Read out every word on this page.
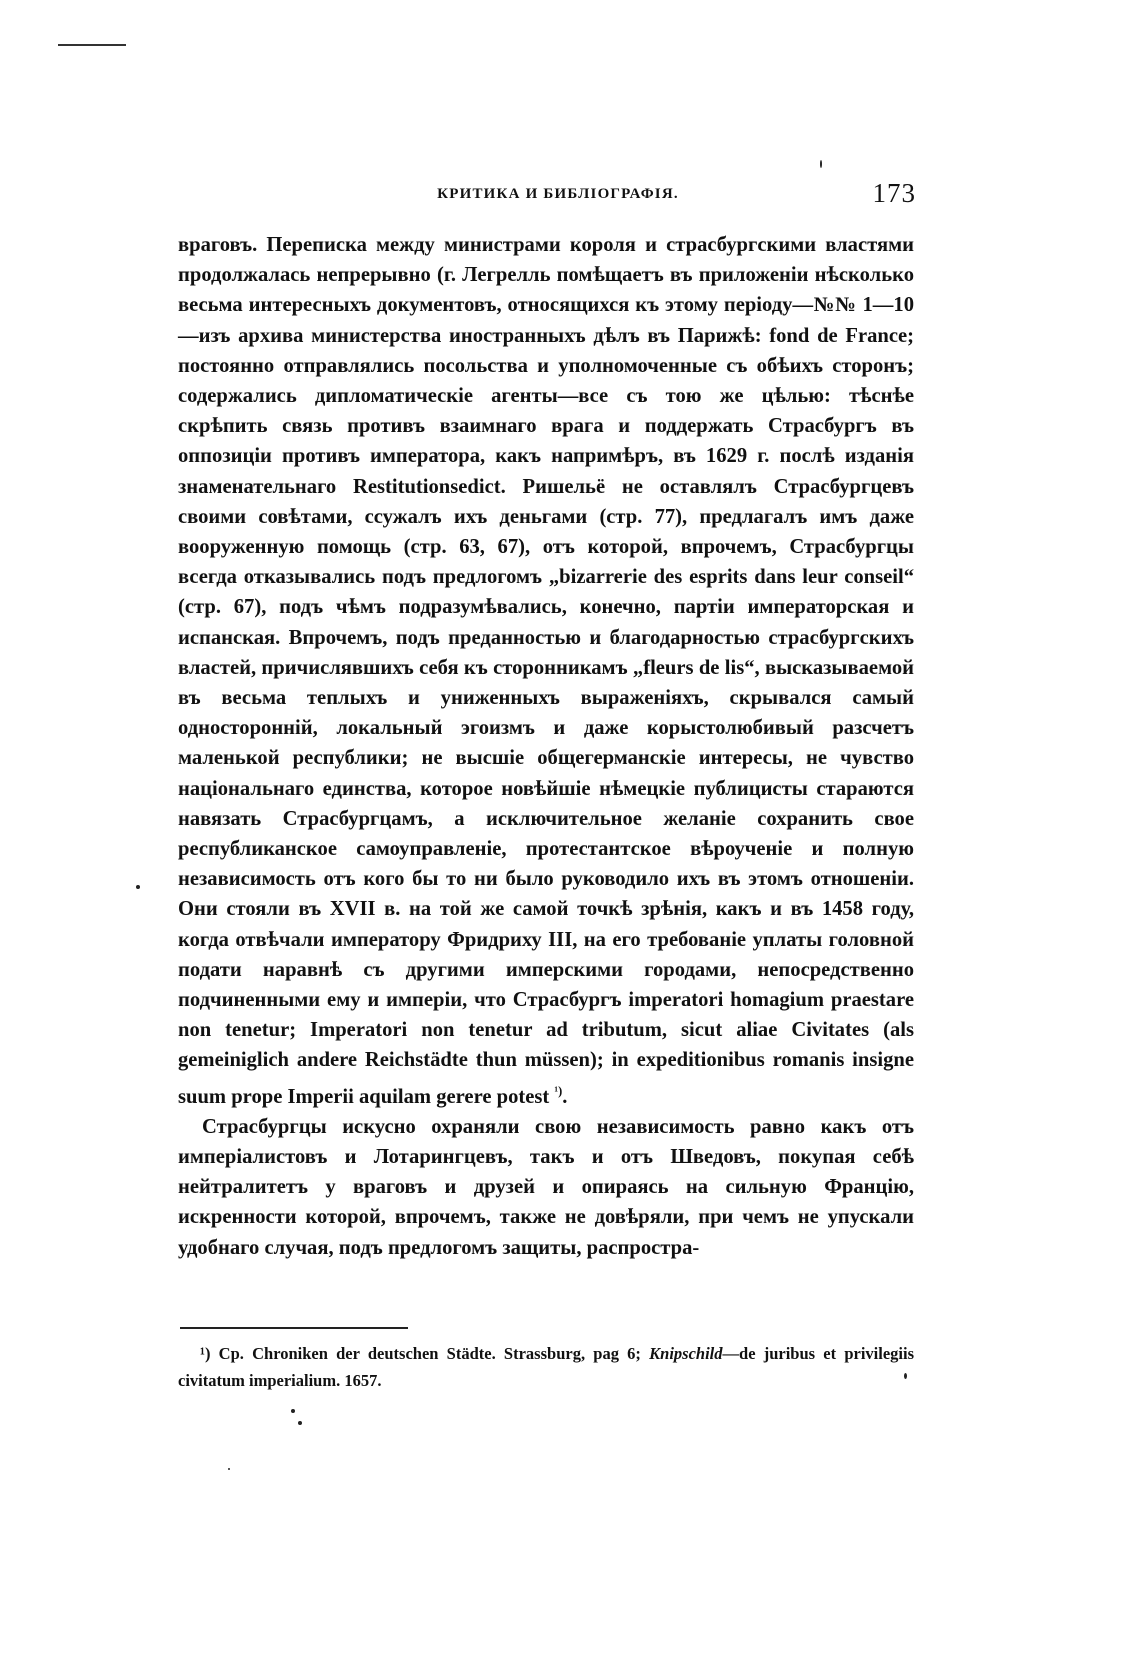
КРИТИКА И БИБЛІОГРАФІЯ.	173

враговъ. Переписка между министрами короля и страсбургскими властями продолжалась непрерывно (г. Легрелль помѣщаетъ въ приложеніи нѣсколько весьма интересныхъ документовъ, относящихся къ этому періоду—№№ 1—10—изъ архива министерства иностранныхъ дѣлъ въ Парижѣ: fond de France; постоянно отправлялись посольства и уполномоченные съ обѣихъ сторонъ; содержались дипломатическіе агенты—все съ тою же цѣлью: тѣснѣе скрѣпить связь противъ взаимнаго врага и поддержать Страсбургъ въ оппозиціи противъ императора, какъ напримѣръ, въ 1629 г. послѣ изданія знаменательнаго Restitutionsedict. Ришельё не оставлялъ Страсбургцевъ своими совѣтами, ссужалъ ихъ деньгами (стр. 77), предлагалъ имъ даже вооруженную помощь (стр. 63, 67), отъ которой, впрочемъ, Страсбургцы всегда отказывались подъ предлогомъ „bizarrerie des esprits dans leur conseil“ (стр. 67), подъ чѣмъ подразумѣвались, конечно, партіи императорская и испанская. Впрочемъ, подъ преданностью и благодарностью страсбургскихъ властей, причислявшихъ себя къ сторонникамъ „fleurs de lis“, высказываемой въ весьма теплыхъ и униженныхъ выраженіяхъ, скрывался самый односторонній, локальный эгоизмъ и даже корыстолюбивый разсчетъ маленькой республики; не высшіе общегерманскіе интересы, не чувство національнаго единства, которое новѣйшіе нѣмецкіе публицисты стараются навязать Страсбургцамъ, а исключительное желаніе сохранить свое республиканское самоуправленіе, протестантское вѣроученіе и полную независимость отъ кого бы то ни было руководило ихъ въ этомъ отношеніи. Они стояли въ XVII в. на той же самой точкѣ зрѣнія, какъ и въ 1458 году, когда отвѣчали императору Фридриху III, на его требованіе уплаты головной подати наравнѣ съ другими имперскими городами, непосредственно подчиненными ему и имперіи, что Страсбургъ imperatori homagium praestare non tenetur; Imperatori non tenetur ad tributum, sicut aliae Civitates (als gemeiniglich andere Reichstädte thun müssen); in expeditionibus romanis insigne suum prope Imperii aquilam gerere potest $^{^1)}$.

Страсбургцы искусно охраняли свою независимость равно какъ отъ имперіалистовъ и Лотарингцевъ, такъ и отъ Шведовъ, покупая себѣ нейтралитетъ у враговъ и друзей и опираясь на сильную Францію, искренности которой, впрочемъ, также не довѣряли, при чемъ не упускали удобнаго случая, подъ предлогомъ защиты, распростра-

¹) Ср. Chroniken der deutschen Städte. Strassburg, pag 6; Knipschild—de juribus et privilegiis civitatum imperialium. 1657.
